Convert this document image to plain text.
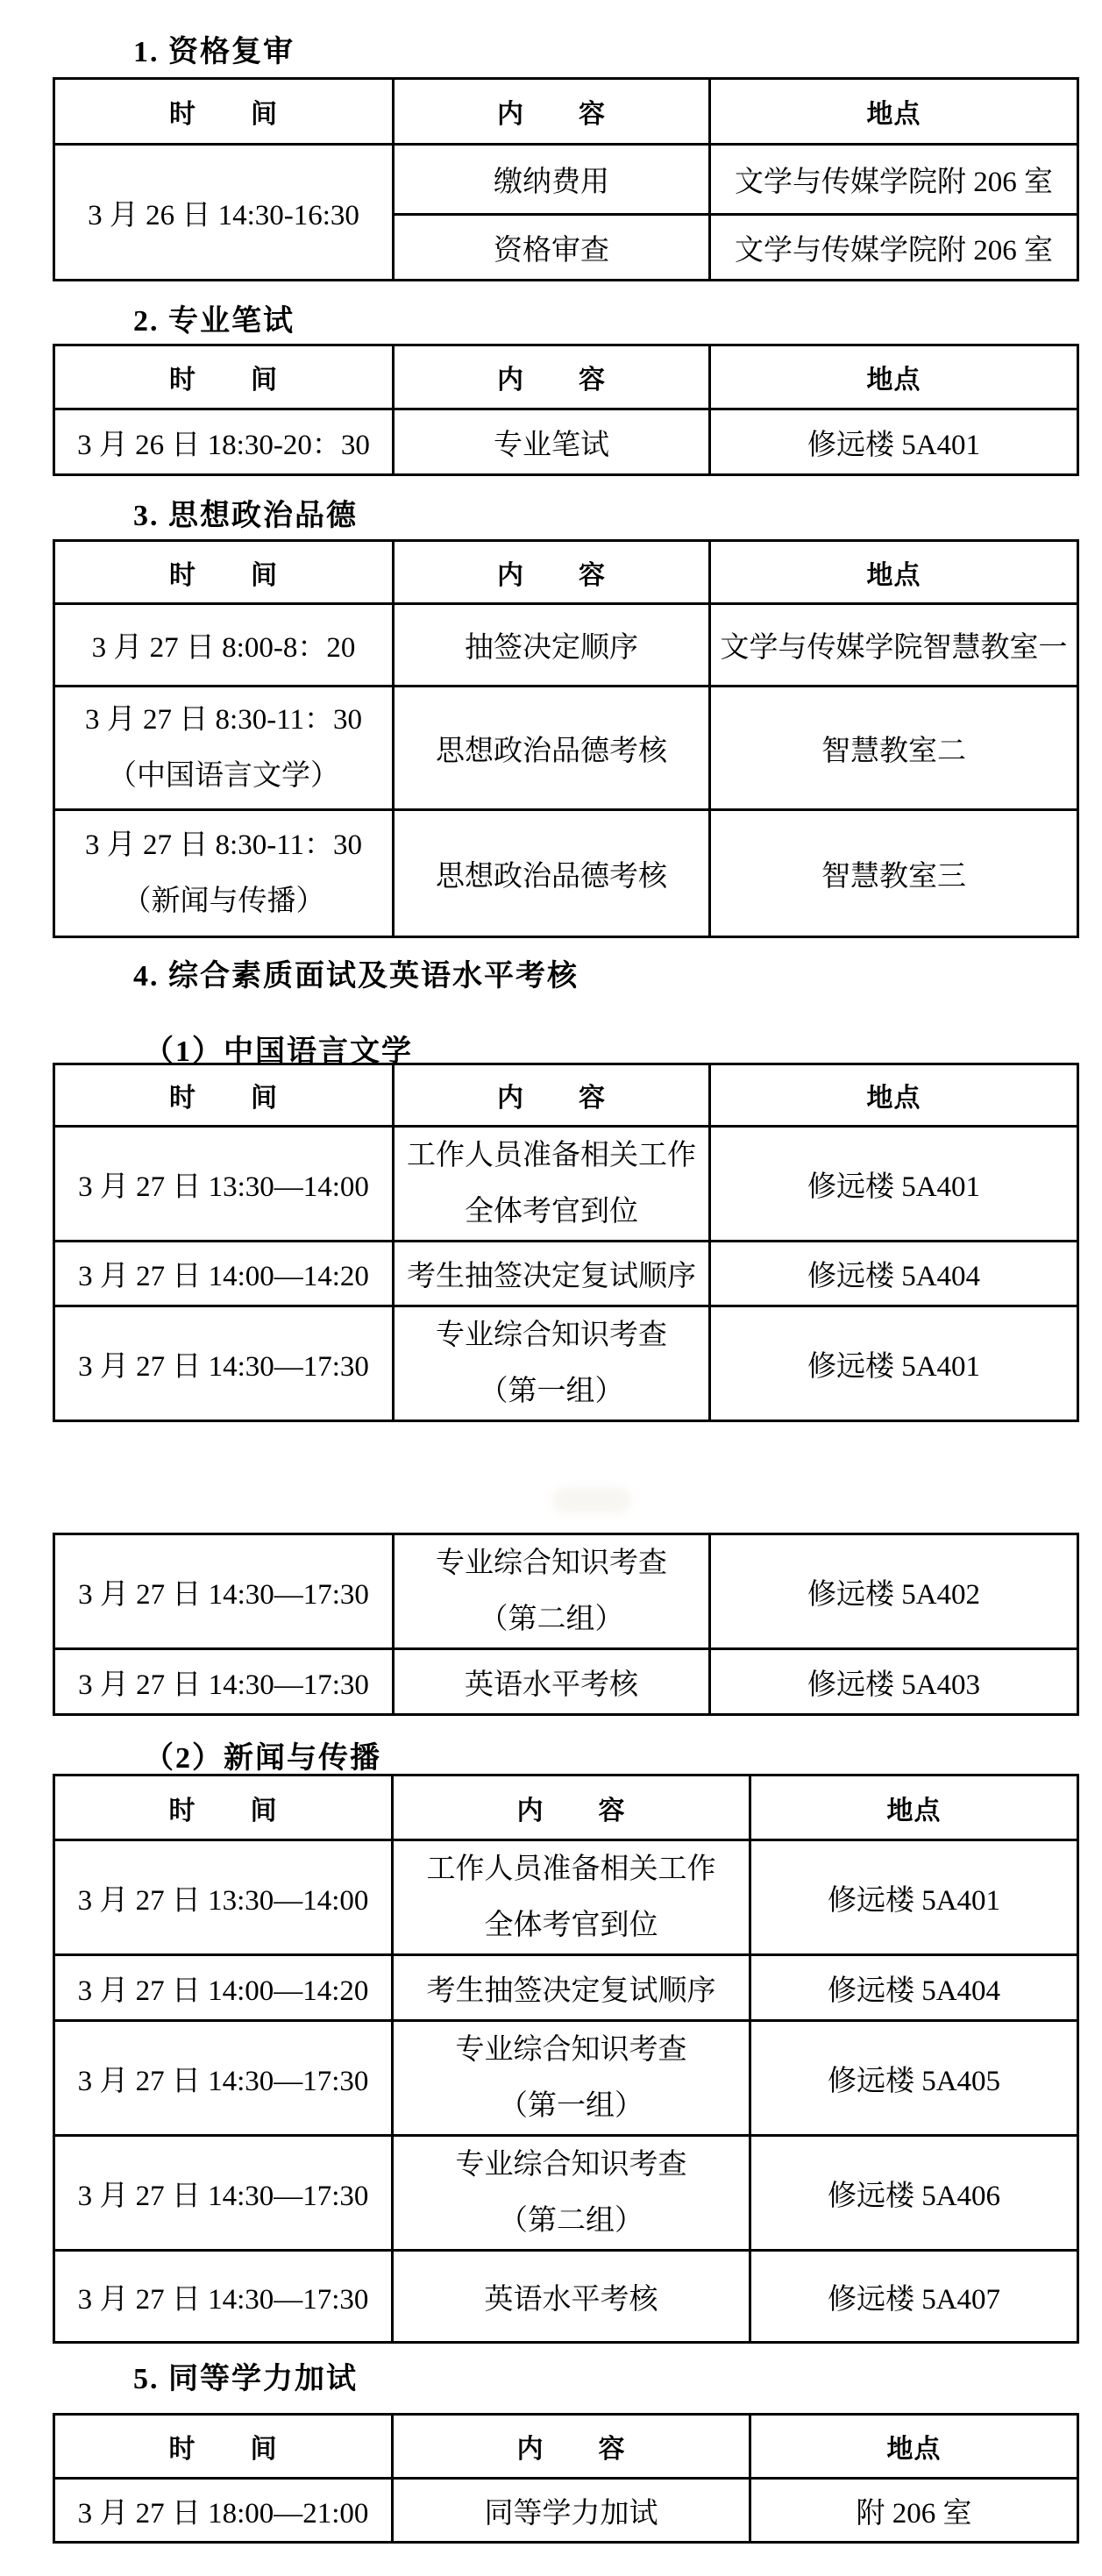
1. 资格复审
时　　间	内　　容	地点
3 月 26 日 14:30-16:30	缴纳费用	文学与传媒学院附 206 室
	资格审查	文学与传媒学院附 206 室
2. 专业笔试
时　　间	内　　容	地点
3 月 26 日 18:30-20：30	专业笔试	修远楼 5A401
3. 思想政治品德
时　　间	内　　容	地点
3 月 27 日 8:00-8：20	抽签决定顺序	文学与传媒学院智慧教室一

3 月 27 日 8:30-11：30
（中国语言文学）	思想政治品德考核	智慧教室二

3 月 27 日 8:30-11：30
（新闻与传播）	思想政治品德考核	智慧教室三
4. 综合素质面试及英语水平考核
（1）中国语言文学
时　　间	内　　容	地点
3 月 27 日 13:30—14:00	工作人员准备相关工作
全体考官到位	修远楼 5A401
3 月 27 日 14:00—14:20	考生抽签决定复试顺序	修远楼 5A404
3 月 27 日 14:30—17:30	专业综合知识考查
（第一组）	修远楼 5A401
3 月 27 日 14:30—17:30	专业综合知识考查
（第二组）	修远楼 5A402
3 月 27 日 14:30—17:30	英语水平考核	修远楼 5A403
（2）新闻与传播
时　　间	内　　容	地点
3 月 27 日 13:30—14:00	工作人员准备相关工作
全体考官到位	修远楼 5A401
3 月 27 日 14:00—14:20	考生抽签决定复试顺序	修远楼 5A404
3 月 27 日 14:30—17:30	专业综合知识考查
（第一组）	修远楼 5A405
3 月 27 日 14:30—17:30	专业综合知识考查
（第二组）	修远楼 5A406
3 月 27 日 14:30—17:30	英语水平考核	修远楼 5A407
5. 同等学力加试
时　　间	内　　容	地点
3 月 27 日 18:00—21:00	同等学力加试	附 206 室
